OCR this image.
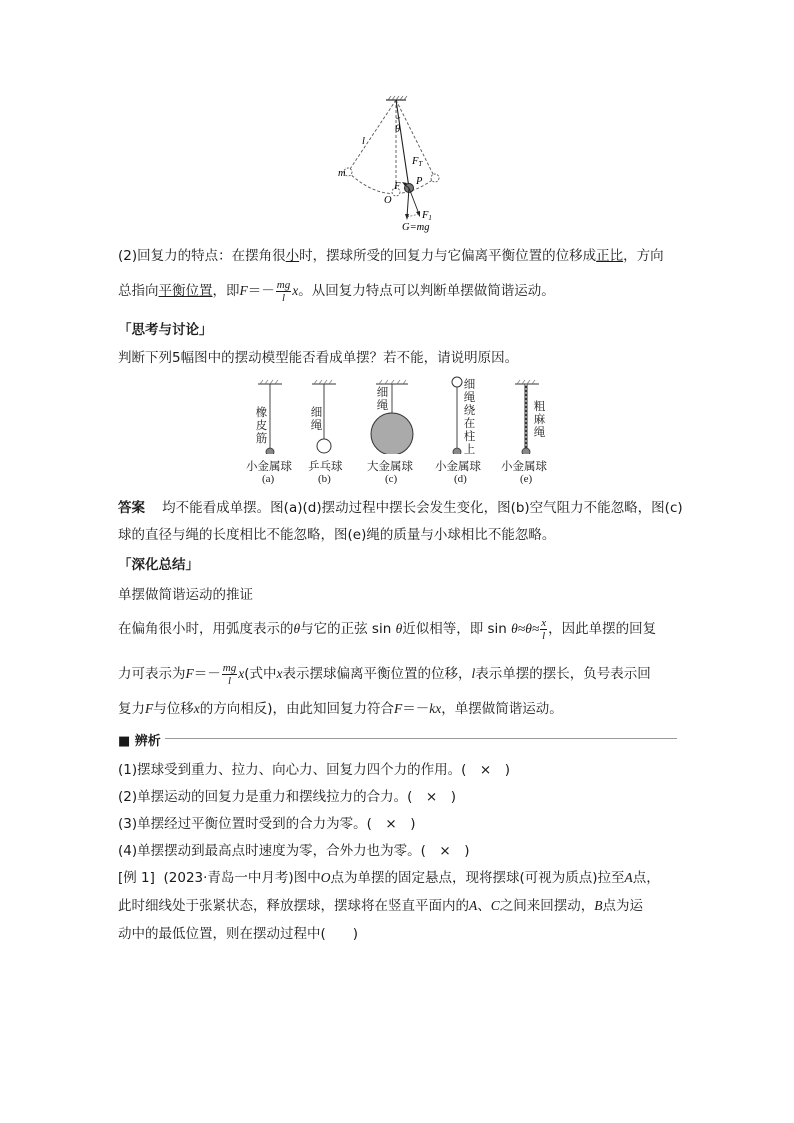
θ
l
m
O
F P
FT
F1
G=mg
(2)回复力的特点：在摆角很小时，摆球所受的回复力与它偏离平衡位置的位移成正比，方向
总指向平衡位置，即$F=- \frac{mg}{l}$ x。从回复力特点可以判断单摆做简谐运动。
「思考与讨论」
判断下列5幅图中的摆动模型能否看成单摆？若不能，请说明原因。
橡皮筋
细绳
细绳
细绳绕在柱上
粗麻绳
小金属球 乒乓球 大金属球 小金属球 小金属球
(a)	(b)	(c)	(d)	(e)
答案 均不能看成单摆。图(a)(d)摆动过程中摆长会发生变化，图(b)空气阻力不能忽略，图(c)
球的直径与绳的长度相比不能忽略，图(e)绳的质量与小球相比不能忽略。
「深化总结」
单摆做简谐运动的推证
在偏角很小时，用弧度表示的θ与它的正弦 sin θ近似相等，即 $\sin \theta\approx\theta\approx \frac{x}{l}$ ，因此单摆的回复
力可表示为$F=- \frac{mg}{l} x$(式中x表示摆球偏离平衡位置的位移，l表示单摆的摆长，负号表示回
复力F与位移x的方向相反)，由此知回复力符合F＝－kx，单摆做简谐运动。
■ 辨析
(1)摆球受到重力、拉力、向心力、回复力四个力的作用。(　×　)
(2)单摆运动的回复力是重力和摆线拉力的合力。(　×　)
(3)单摆经过平衡位置时受到的合力为零。(　×　)
(4)单摆摆动到最高点时速度为零，合外力也为零。(　×　)
[例 1] (2023·青岛一中月考)图中O点为单摆的固定悬点，现将摆球(可视为质点)拉至A点，
此时细线处于张紧状态，释放摆球，摆球将在竖直平面内的A、C之间来回摆动，B点为运
动中的最低位置，则在摆动过程中(　　)
